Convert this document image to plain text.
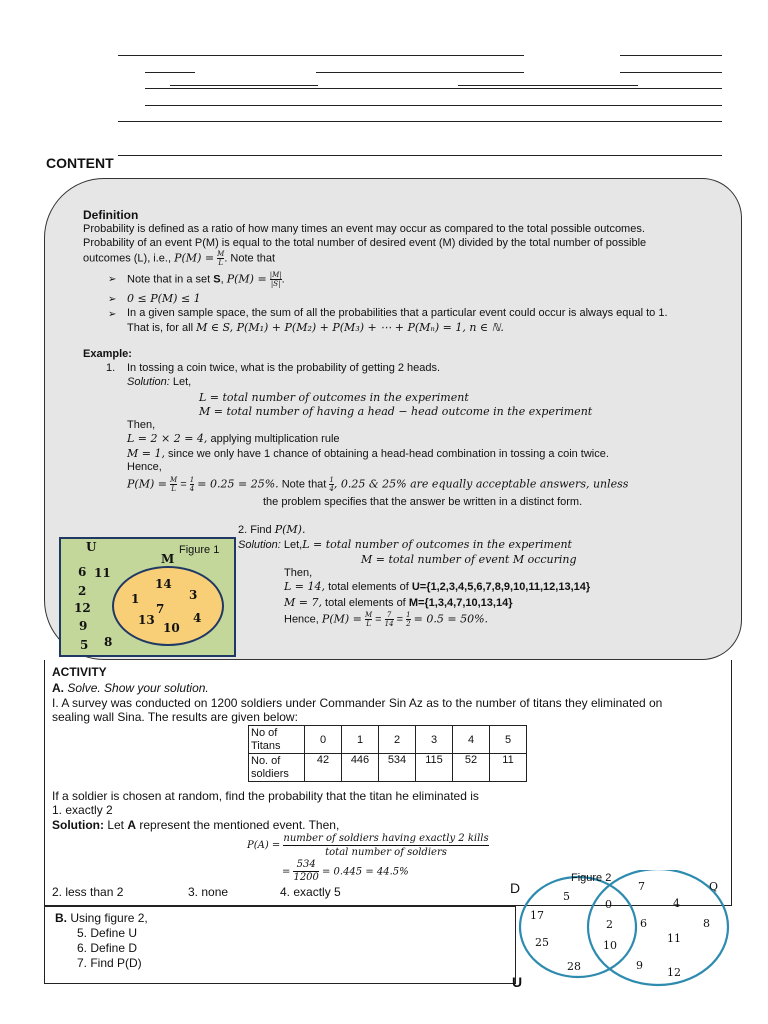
CONTENT
Definition
Probability is defined as a ratio of how many times an event may occur as compared to the total possible outcomes.
Probability of an event P(M) is equal to the total number of desired event (M) divided by the total number of possible
outcomes (L), i.e., $P(M) = \frac{M}{L}$ . Note that
➢ Note that in a set S, $P(M) = \frac{|M|}{|S|}$ .
➢ 0 ≤ P(M) ≤ 1
➢ In a given sample space, the sum of all the probabilities that a particular event could occur is always equal to 1.
That is, for all M ∈ S, P(M₁) + P(M₂) + P(M₃) + ⋯ + P(Mₙ) = 1, n ∈ ℕ.
Example:
1. In tossing a coin twice, what is the probability of getting 2 heads.
Solution: Let,
L = total number of outcomes in the experiment
M = total number of having a head − head outcome in the experiment
Then,
L = 2 × 2 = 4, applying multiplication rule
M = 1, since we only have 1 chance of obtaining a head-head combination in tossing a coin twice.
Hence,
$P(M) = \frac{M}{L} = \frac{1}{4} = 0.25 = 25\%$. Note that $\frac{1}{4}$ , 0.25 & 25% are equally acceptable answers, unless
the problem specifies that the answer be written in a distinct form.
U	Figure 1
M
6 11
2
12
9
5 8
14
1	3
7
13	4
10
2. Find P(M).
Solution: Let,L = total number of outcomes in the experiment
M = total number of event M occuring
Then,
L = 14, total elements of U={1,2,3,4,5,6,7,8,9,10,11,12,13,14}
M = 7, total elements of M={1,3,4,7,10,13,14}
Hence, $P(M) = \frac{M}{L} = \frac{7}{14} = \frac{1}{2} = 0.5 = 50\%$.
ACTIVITY
A. Solve. Show your solution.
I. A survey was conducted on 1200 soldiers under Commander Sin Az as to the number of titans they eliminated on
sealing wall Sina. The results are given below:
No of Titans	0	1	2	3	4	5
No. of soldiers	42	446	534	115	52	11
If a soldier is chosen at random, find the probability that the titan he eliminated is
1. exactly 2
Solution: Let A represent the mentioned event. Then,
$P(A) = \frac{\text{number of soldiers having exactly 2 kills}}{\text{total number of soldiers}}$
= $\frac{534}{1200} = 0.445 = 44.5\%$
2. less than 2	3. none	4. exactly 5
B. Using figure 2,
5. Define U
6. Define D
7. Find P(D)
Figure 2
D	Q
U
5
17
25
28
0
2
10
4
6
11
8
9
12
7
